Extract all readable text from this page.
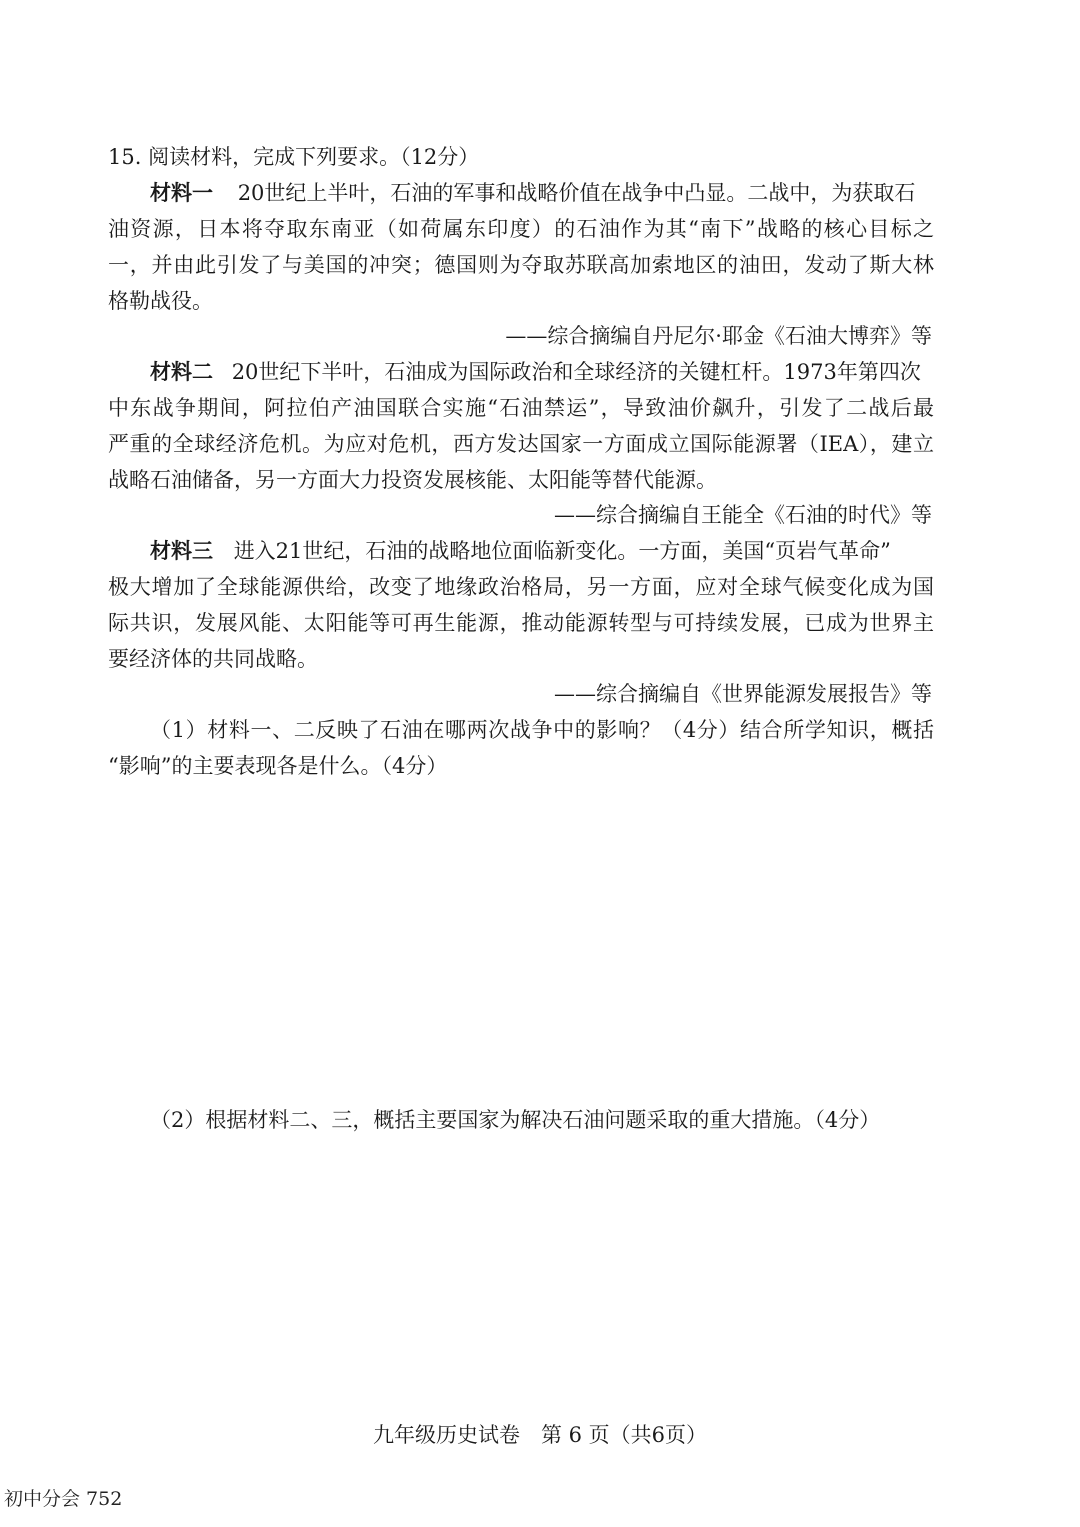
15. 阅读材料，完成下列要求。（12分）
材料一 20世纪上半叶，石油的军事和战略价值在战争中凸显。二战中，为获取石
油资源，日本将夺取东南亚（如荷属东印度）的石油作为其“南下”战略的核心目标之
一，并由此引发了与美国的冲突；德国则为夺取苏联高加索地区的油田，发动了斯大林
格勒战役。
——综合摘编自丹尼尔·耶金《石油大博弈》等
材料二 20世纪下半叶，石油成为国际政治和全球经济的关键杠杆。1973年第四次
中东战争期间，阿拉伯产油国联合实施“石油禁运”，导致油价飙升，引发了二战后最
严重的全球经济危机。为应对危机，西方发达国家一方面成立国际能源署（IEA），建立
战略石油储备，另一方面大力投资发展核能、太阳能等替代能源。
——综合摘编自王能全《石油的时代》等
材料三 进入21世纪，石油的战略地位面临新变化。一方面，美国“页岩气革命”
极大增加了全球能源供给，改变了地缘政治格局，另一方面，应对全球气候变化成为国
际共识，发展风能、太阳能等可再生能源，推动能源转型与可持续发展，已成为世界主
要经济体的共同战略。
——综合摘编自《世界能源发展报告》等
（1）材料一、二反映了石油在哪两次战争中的影响？（4分）结合所学知识，概括
“影响”的主要表现各是什么。（4分）
（2）根据材料二、三，概括主要国家为解决石油问题采取的重大措施。（4分）
九年级历史试卷　第 6 页（共6页）
初中分会 752
